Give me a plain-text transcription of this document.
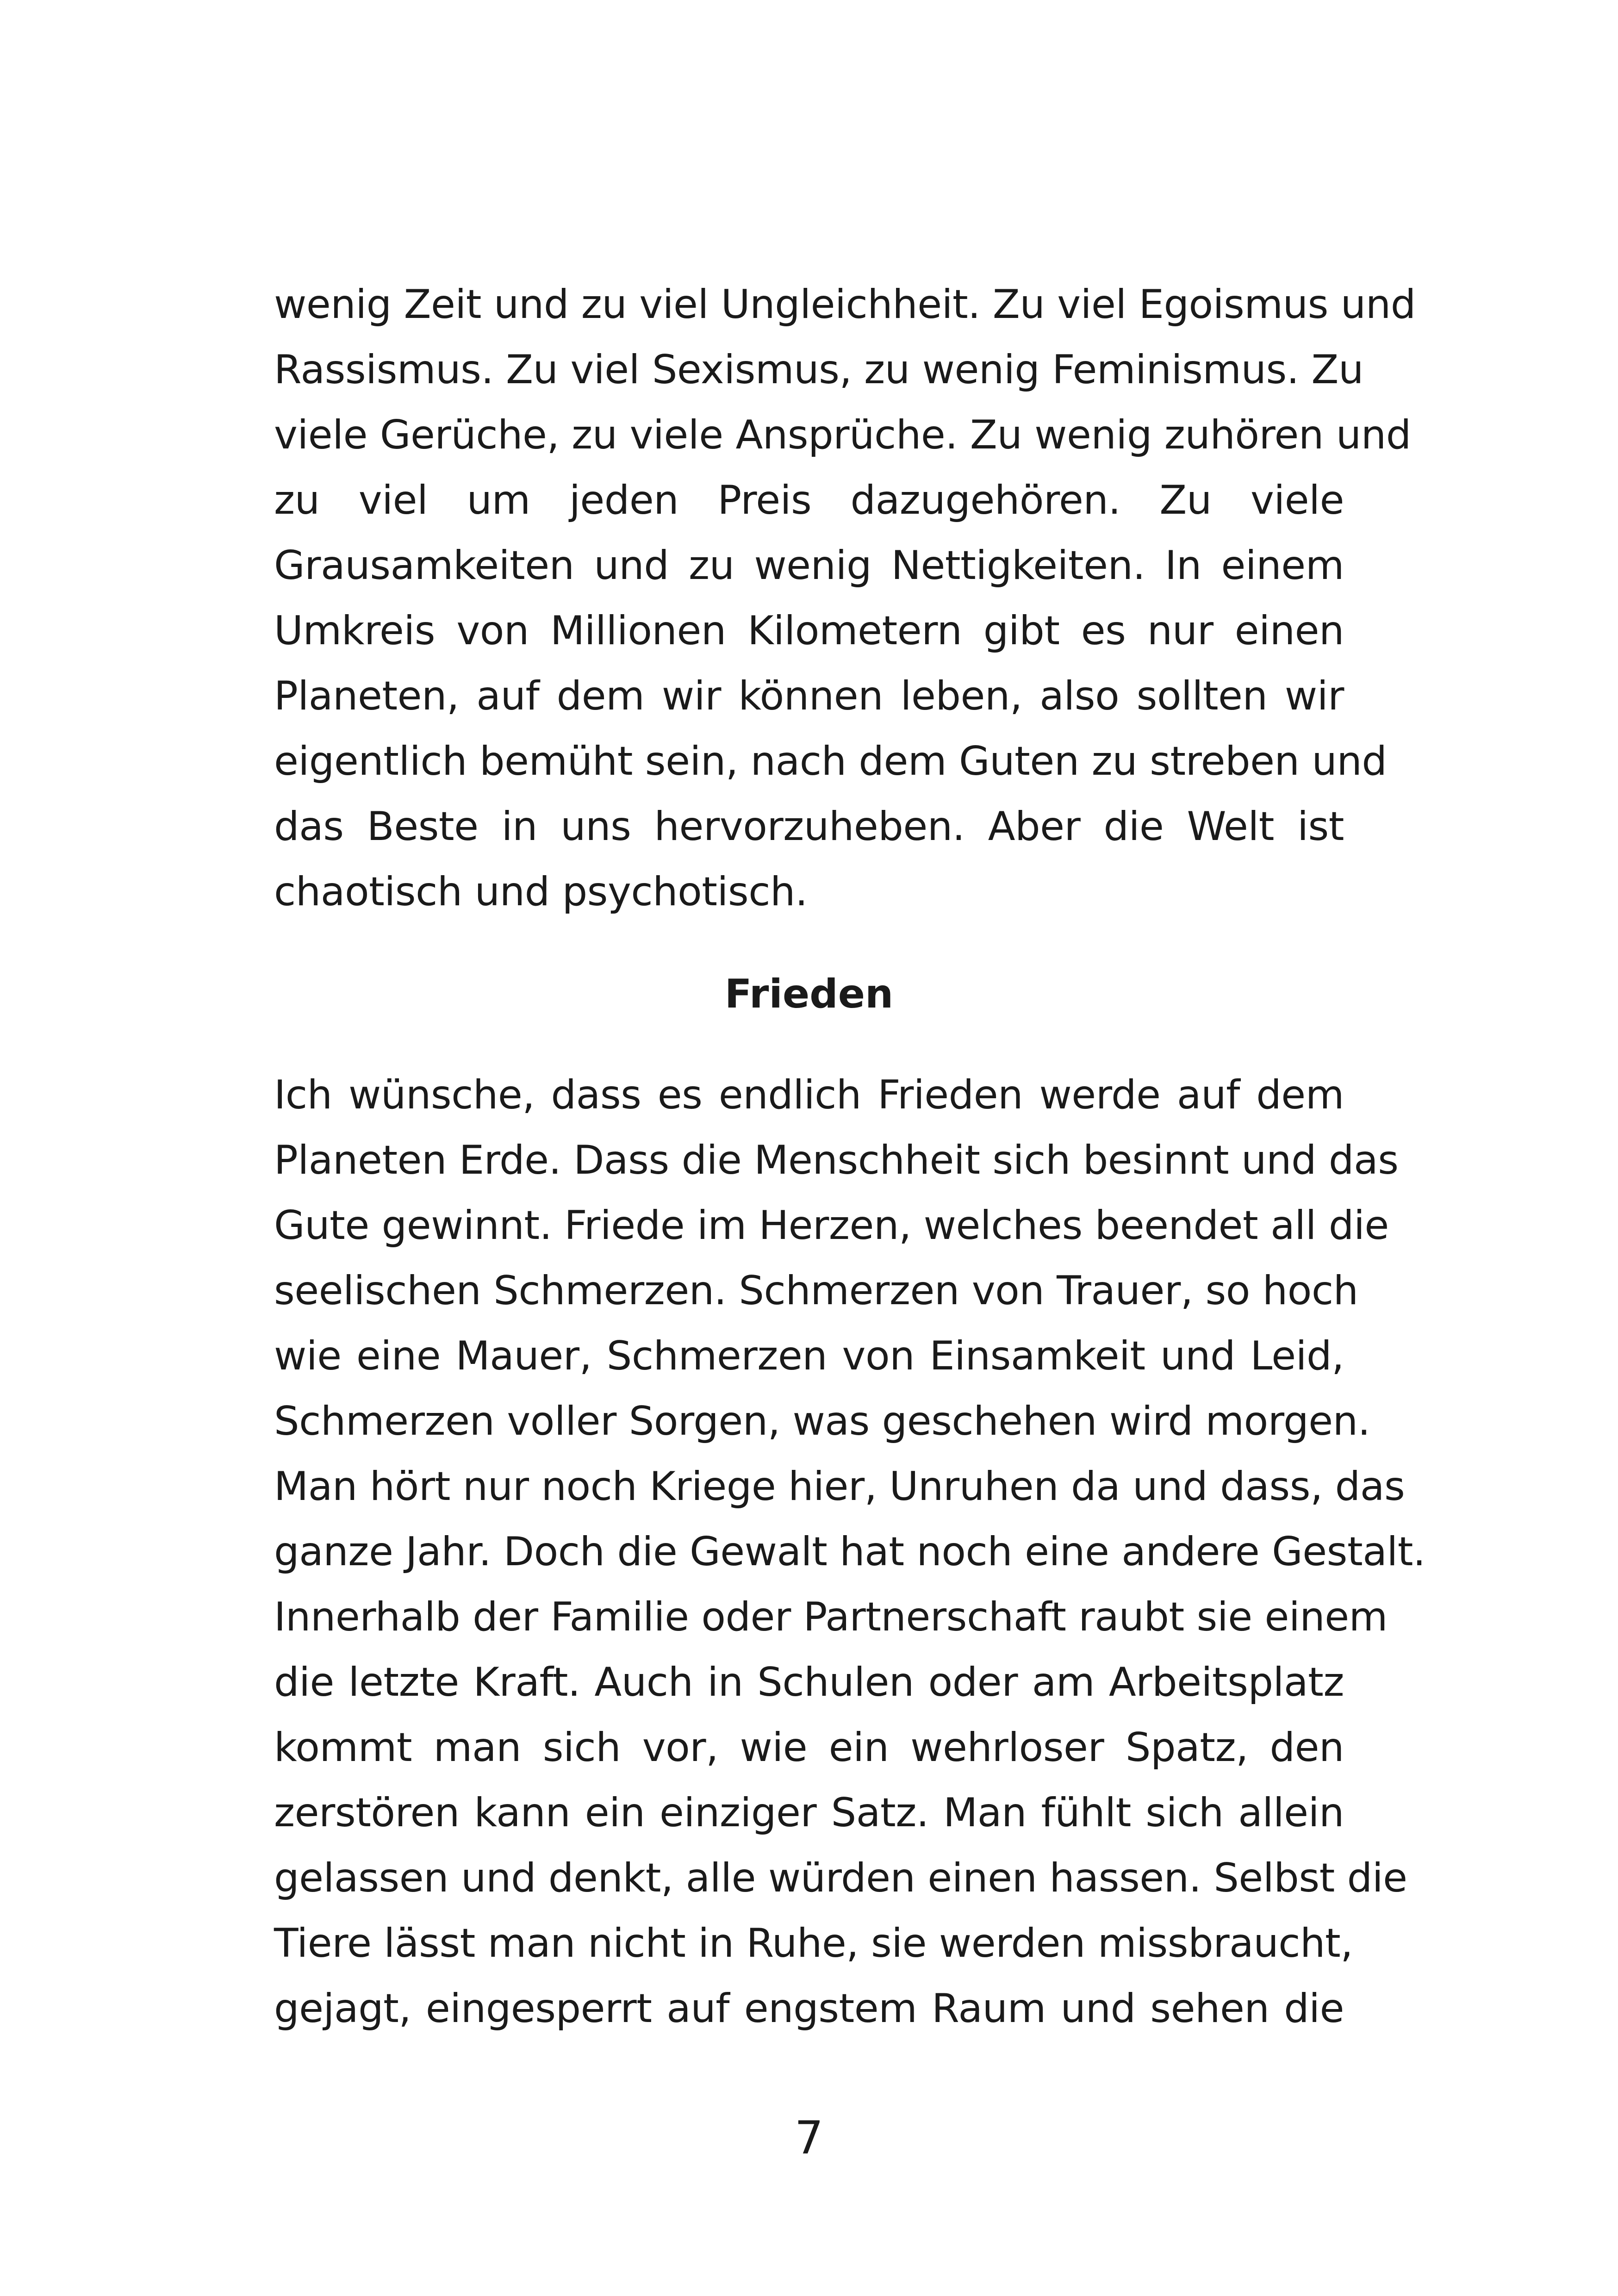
wenig Zeit und zu viel Ungleichheit. Zu viel Egoismus und
Rassismus. Zu viel Sexismus, zu wenig Feminismus. Zu
viele Gerüche, zu viele Ansprüche. Zu wenig zuhören und
zu viel um jeden Preis dazugehören. Zu viele
Grausamkeiten und zu wenig Nettigkeiten. In einem
Umkreis von Millionen Kilometern gibt es nur einen
Planeten, auf dem wir können leben, also sollten wir
eigentlich bemüht sein, nach dem Guten zu streben und
das Beste in uns hervorzuheben. Aber die Welt ist
chaotisch und psychotisch.
Frieden
Ich wünsche, dass es endlich Frieden werde auf dem
Planeten Erde. Dass die Menschheit sich besinnt und das
Gute gewinnt. Friede im Herzen, welches beendet all die
seelischen Schmerzen. Schmerzen von Trauer, so hoch
wie eine Mauer, Schmerzen von Einsamkeit und Leid,
Schmerzen voller Sorgen, was geschehen wird morgen.
Man hört nur noch Kriege hier, Unruhen da und dass, das
ganze Jahr. Doch die Gewalt hat noch eine andere Gestalt.
Innerhalb der Familie oder Partnerschaft raubt sie einem
die letzte Kraft. Auch in Schulen oder am Arbeitsplatz
kommt man sich vor, wie ein wehrloser Spatz, den
zerstören kann ein einziger Satz. Man fühlt sich allein
gelassen und denkt, alle würden einen hassen. Selbst die
Tiere lässt man nicht in Ruhe, sie werden missbraucht,
gejagt, eingesperrt auf engstem Raum und sehen die
7
